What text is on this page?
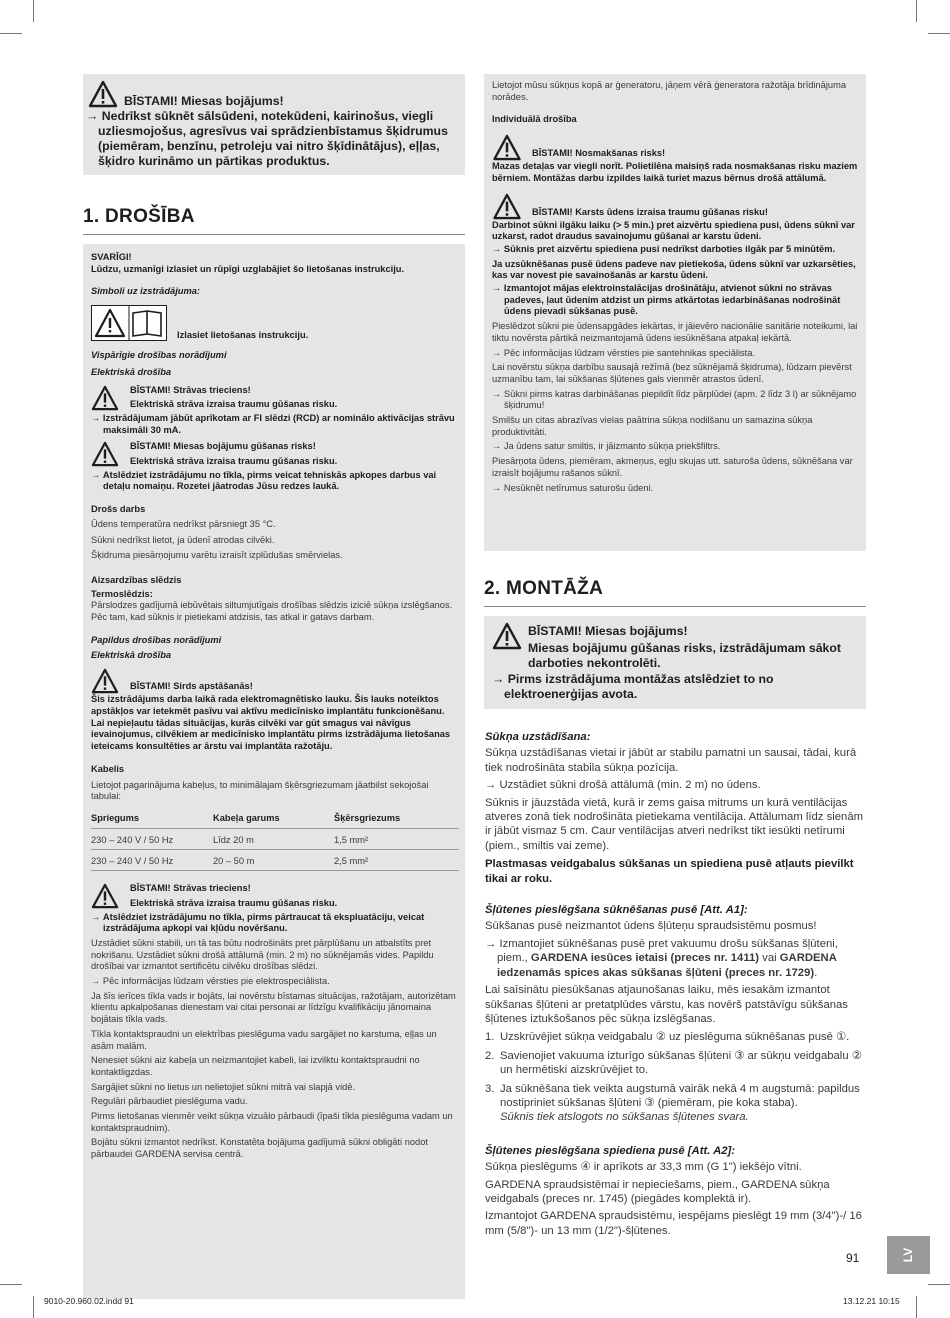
BĪSTAMI! Miesas bojājums!
→ Nedrīkst sūknēt sālsūdeni, notekūdeni, kairinošus, viegli uzliesmojošus, agresīvus vai sprādzienbīstamus šķidrumus (piemēram, benzīnu, petroleju vai nitro šķīdinātājus), eļļas, šķidro kurināmo un pārtikas produktus.
1. DROŠĪBA
SVARĪGI!
Lūdzu, uzmanīgi izlasiet un rūpīgi uzglabājiet šo lietošanas instrukciju.
Simboli uz izstrādājuma:
Izlasiet lietošanas instrukciju.
Vispārīgie drošības norādījumi
Elektriskā drošība
BĪSTAMI! Strāvas trieciens!
Elektriskā strāva izraisa traumu gūšanas risku.
→ Izstrādājumam jābūt aprīkotam ar FI slēdzi (RCD) ar nominālo aktivācijas strāvu maksimāli 30 mA.
BĪSTAMI! Miesas bojājumu gūšanas risks!
Elektriskā strāva izraisa traumu gūšanas risku.
→ Atslēdziet izstrādājumu no tīkla, pirms veicat tehniskās apkopes darbus vai detaļu nomaiņu. Rozetei jāatrodas Jūsu redzes laukā.
Drošs darbs
Ūdens temperatūra nedrīkst pārsniegt 35 °C.
Sūkni nedrīkst lietot, ja ūdenī atrodas cilvēki.
Šķidruma piesārņojumu varētu izraisīt izplūdušas smērvielas.
Aizsardzības slēdzis
Termoslēdzis:
Pārslodzes gadījumā iebūvētais siltumjutīgais drošības slēdzis iziciē sūkņa izslēgšanos. Pēc tam, kad sūknis ir pietiekami atdzisis, tas atkal ir gatavs darbam.
Papildus drošības norādījumi
Elektriskā drošība
BĪSTAMI! Sirds apstāšanās!
Šis izstrādājums darba laikā rada elektromagnētisko lauku. Šis lauks noteiktos apstākļos var ietekmēt pasīvu vai aktīvu medicīnisko implantātu funkcionēšanu. Lai nepieļautu tādas situācijas, kurās cilvēki var gūt smagus vai nāvīgus ievainojumus, cilvēkiem ar medicīnisko implantātu pirms izstrādājuma lietošanas ieteicams konsultēties ar ārstu vai implantāta ražotāju.
Kabelis
Lietojot pagarinājumа kabeļus, to minimālajam šķērsgriezumam jāatbilst sekojošai tabulai:
Spriegums	Kabeļa garums	Šķērsgriezums
230 – 240 V / 50 Hz	Līdz 20 m	1,5 mm²
230 – 240 V / 50 Hz	20 – 50 m	2,5 mm²
BĪSTAMI! Strāvas trieciens!
Elektriskā strāva izraisa traumu gūšanas risku.
→ Atslēdziet izstrādājumu no tīkla, pirms pārtraucat tā ekspluatāciju, veicat izstrādājuma apkopi vai kļūdu novēršanu.
Uzstādiet sūkni stabili, un tā tas būtu nodrošināts pret pārplūšanu un atbalstīts pret nokrišanu. Uzstādiet sūkni drošā attālumā (min. 2 m) no sūknējamās vides. Papildu drošībai var izmantot sertificētu cilvēku drošības slēdzi.
→ Pēc informācijas lūdzam vērsties pie elektrospeciālista.
Ja šīs ierīces tīkla vads ir bojāts, lai novērstu bīstamas situācijas, ražotājam, autorizētam klientu apkalpošanas dienestam vai citai personai ar līdzīgu kvalifikāciju jānomaina bojātais tīkla vads.
Tīkla kontaktspraudni un elektrības pieslēguma vadu sargājiet no karstuma, eļļas un asām malām.
Nenesiet sūkni aiz kabeļa un neizmantojiet kabeli, lai izvilktu kontaktspraudni no kontaktligzdas.
Sargājiet sūkni no lietus un nelietojiet sūkni mitrā vai slapjā vidē.
Regulāri pārbaudiet pieslēguma vadu.
Pirms lietošanas vienmēr veikt sūkņa vizuālo pārbaudi (īpaši tīkla pieslēguma vadam un kontaktspraudnim).
Bojātu sūkni izmantot nedrīkst. Konstatēta bojājuma gadījumā sūkni obligāti nodot pārbaudei GARDENA servisa centrā.
Lietojot mūsu sūkņus kopā ar ģeneratoru, jāņem vērā ģeneratora ražotāja brīdinājuma norādes.
Individuālā drošība
BĪSTAMI! Nosmakšanas risks!
Mazas detaļas var viegli norīt. Polietilēna maisiņš rada nosmakšanas risku maziem bērniem. Montāžas darbu izpildes laikā turiet mazus bērnus drošā attālumā.
BĪSTAMI! Karsts ūdens izraisa traumu gūšanas risku!
Darbinot sūkni ilgāku laiku (> 5 min.) pret aizvērtu spiediena pusi, ūdens sūknī var uzkarst, radot draudus savainojumu gūšanai ar karstu ūdeni.
→ Sūknis pret aizvērtu spiediena pusi nedrīkst darboties ilgāk par 5 minūtēm.
Ja uzsūknēšanas pusē ūdens padeve nav pietiekoša, ūdens sūknī var uzkarsēties, kas var novest pie savainošanās ar karstu ūdeni.
→ Izmantojot mājas elektroinstalācijas drošinātāju, atvienot sūkni no strāvas padeves, ļaut ūdenim atdzist un pirms atkārtotas iedarbināšanas nodrošināt ūdens pievadi sūkšanas pusē.
Pieslēdzot sūkni pie ūdensapgādes iekārtas, ir jāievēro nacionālie sanitārie noteikumi, lai tiktu novērsta pārtikā neizmantojamā ūdens iesūknēšana atpakaļ iekārtā.
→ Pēc informācijas lūdzam vērsties pie santehnikas speciālista.
Lai novērstu sūkņa darbību sausajā režīmā (bez sūknējamā šķidruma), lūdzam pievērst uzmanību tam, lai sūkšanas šļūtenes gals vienmēr atrastos ūdenī.
→ Sūkni pirms katras darbināšanas piepildīt līdz pārplūdei (apm. 2 līdz 3 l) ar sūknējamo šķidrumu!
Smilšu un citas abrazīvas vielas paātrina sūkņa nodilšanu un samazina sūkņa produktivitāti.
→ Ja ūdens satur smiltis, ir jāizmanto sūkņa priekšfiltrs.
Piesārņota ūdens, piemēram, akmeņus, egļu skujas utt. saturoša ūdens, sūknēšana var izraisīt bojājumu rašanos sūknī.
→ Nesūknēt netīrumus saturošu ūdeni.
2. MONTĀŽA
BĪSTAMI! Miesas bojājums!
Miesas bojājumu gūšanas risks, izstrādājumam sākot darboties nekontrolēti.
→ Pirms izstrādājuma montāžas atslēdziet to no elektroenerģijas avota.
Sūkņa uzstādīšana:
Sūkņa uzstādīšanas vietai ir jābūt ar stabilu pamatni un sausai, tādai, kurā tiek nodrošināta stabila sūkņa pozīcija.
→ Uzstādiet sūkni drošā attālumā (min. 2 m) no ūdens.
Sūknis ir jāuzstāda vietā, kurā ir zems gaisa mitrums un kurā ventilācijas atveres zonā tiek nodrošināta pietiekama ventilācija. Attālumam līdz sienām ir jābūt vismaz 5 cm. Caur ventilācijas atveri nedrīkst tikt iesūkti netīrumi (piem., smiltis vai zeme).
Plastmasas veidgabalus sūkšanas un spiediena pusē atļauts pievilkt tikai ar roku.
Šļūtenes pieslēgšana sūknēšanas pusē [Att. A1]:
Sūkšanas pusē neizmantot ūdens šļūteņu spraudsistēmu posmus!
→ Izmantojiet sūknēšanas pusē pret vakuumu drošu sūkšanas šļūteni, piem., GARDENA iesūces ietaisi (preces nr. 1411) vai GARDENA iedzenamās spices akas sūkšanas šļūteni (preces nr. 1729).
Lai saīsinātu piesūkšanas atjaunošanas laiku, mēs iesakām izmantot sūkšanas šļūteni ar pretatplūdes vārstu, kas novērš patstāvīgu sūkšanas šļūtenes iztukšošanos pēc sūkņa izslēgšanas.
1. Uzskrūvējiet sūkņa veidgabalu ② uz pieslēguma sūknēšanas pusē ①.
2. Savienojiet vakuuma izturīgo sūkšanas šļūteni ③ ar sūkņu veidgabalu ② un hermētiski aizskrūvējiet to.
3. Ja sūknēšana tiek veikta augstumā vairāk nekā 4 m augstumā: papildus nostipriniet sūkšanas šļūteni ③ (piemēram, pie koka staba).
Sūknis tiek atslogots no sūkšanas šļūtenes svara.
Šļūtenes pieslēgšana spiediena pusē [Att. A2]:
Sūkņa pieslēgums ④ ir aprīkots ar 33,3 mm (G 1") iekšējo vītni.
GARDENA spraudsistēmai ir nepieciešams, piem., GARDENA sūkņa veidgabals (preces nr. 1745) (piegādes komplektā ir).
Izmantojot GARDENA spraudsistēmu, iespējams pieslēgt 19 mm (3/4")-/ 16 mm (5/8")- un 13 mm (1/2")-šļūtenes.
91	LV
9010-20.960.02.indd 91	13.12.21 10:15
